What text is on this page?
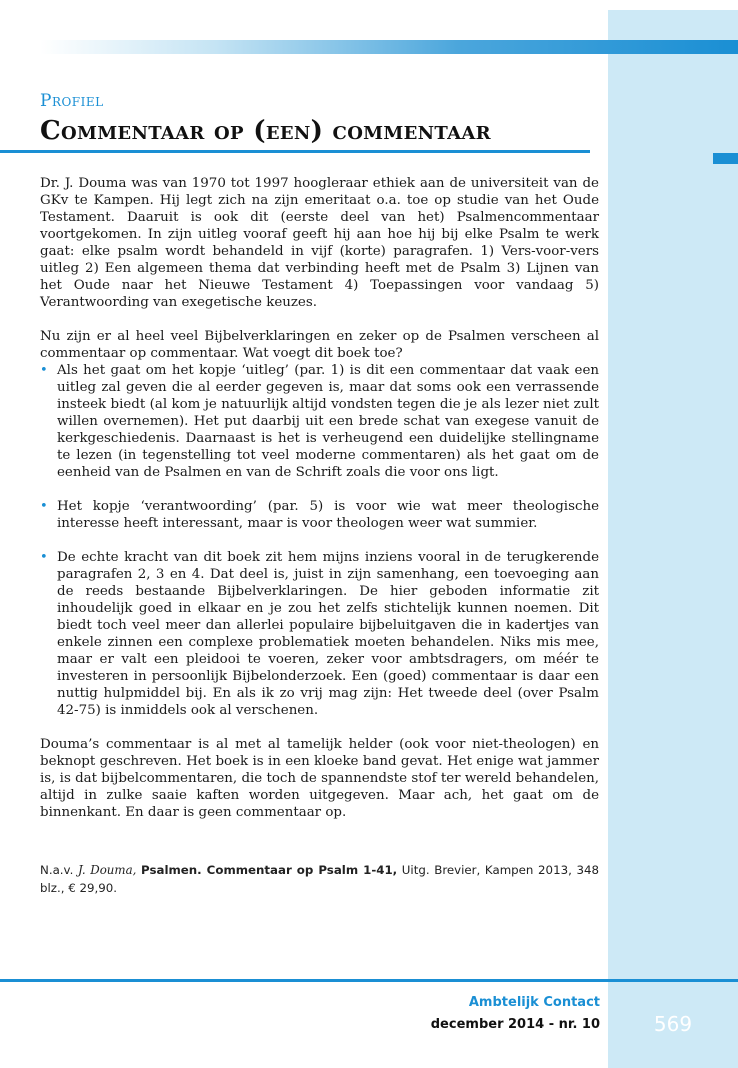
Profiel
Commentaar op (een) commentaar

Dr. J. Douma was van 1970 tot 1997 hoogleraar ethiek aan de universiteit van de GKv te Kampen. Hij legt zich na zijn emeritaat o.a. toe op studie van het Oude Testament. Daaruit is ook dit (eerste deel van het) Psalmencommentaar voortgekomen. In zijn uitleg vooraf geeft hij aan hoe hij bij elke Psalm te werk gaat: elke psalm wordt behandeld in vijf (korte) paragrafen. 1) Vers-voor-vers uitleg 2) Een algemeen thema dat verbinding heeft met de Psalm 3) Lijnen van het Oude naar het Nieuwe Testament 4) Toepassingen voor vandaag 5) Verantwoording van exegetische keuzes.

Nu zijn er al heel veel Bijbelverklaringen en zeker op de Psalmen verscheen al commentaar op commentaar. Wat voegt dit boek toe?

• Als het gaat om het kopje ‘uitleg’ (par. 1) is dit een commentaar dat vaak een uitleg zal geven die al eerder gegeven is, maar dat soms ook een verrassende insteek biedt (al kom je natuurlijk altijd vondsten tegen die je als lezer niet zult willen overnemen). Het put daarbij uit een brede schat van exegese vanuit de kerkgeschiedenis. Daarnaast is het is verheugend een duidelijke stellingname te lezen (in tegenstelling tot veel moderne commentaren) als het gaat om de eenheid van de Psalmen en van de Schrift zoals die voor ons ligt.
• Het kopje ‘verantwoording’ (par. 5) is voor wie wat meer theologische interesse heeft interessant, maar is voor theologen weer wat summier.
• De echte kracht van dit boek zit hem mijns inziens vooral in de terugkerende paragrafen 2, 3 en 4. Dat deel is, juist in zijn samenhang, een toevoeging aan de reeds bestaande Bijbelverklaringen. De hier geboden informatie zit inhoudelijk goed in elkaar en je zou het zelfs stichtelijk kunnen noemen. Dit biedt toch veel meer dan allerlei populaire bijbeluitgaven die in kadertjes van enkele zinnen een complexe problematiek moeten behandelen. Niks mis mee, maar er valt een pleidooi te voeren, zeker voor ambtsdragers, om méér te investeren in persoonlijk Bijbelonderzoek. Een (goed) commentaar is daar een nuttig hulpmiddel bij. En als ik zo vrij mag zijn: Het tweede deel (over Psalm 42-75) is inmiddels ook al verschenen.

Douma’s commentaar is al met al tamelijk helder (ook voor niet-theologen) en beknopt geschreven. Het boek is in een kloeke band gevat. Het enige wat jammer is, is dat bijbelcommentaren, die toch de spannendste stof ter wereld behandelen, altijd in zulke saaie kaften worden uitgegeven. Maar ach, het gaat om de binnenkant. En daar is geen commentaar op.

N.a.v. J. Douma, Psalmen. Commentaar op Psalm 1-41, Uitg. Brevier, Kampen 2013, 348 blz., € 29,90.
Ambtelijk Contact
december 2014 - nr. 10	569
